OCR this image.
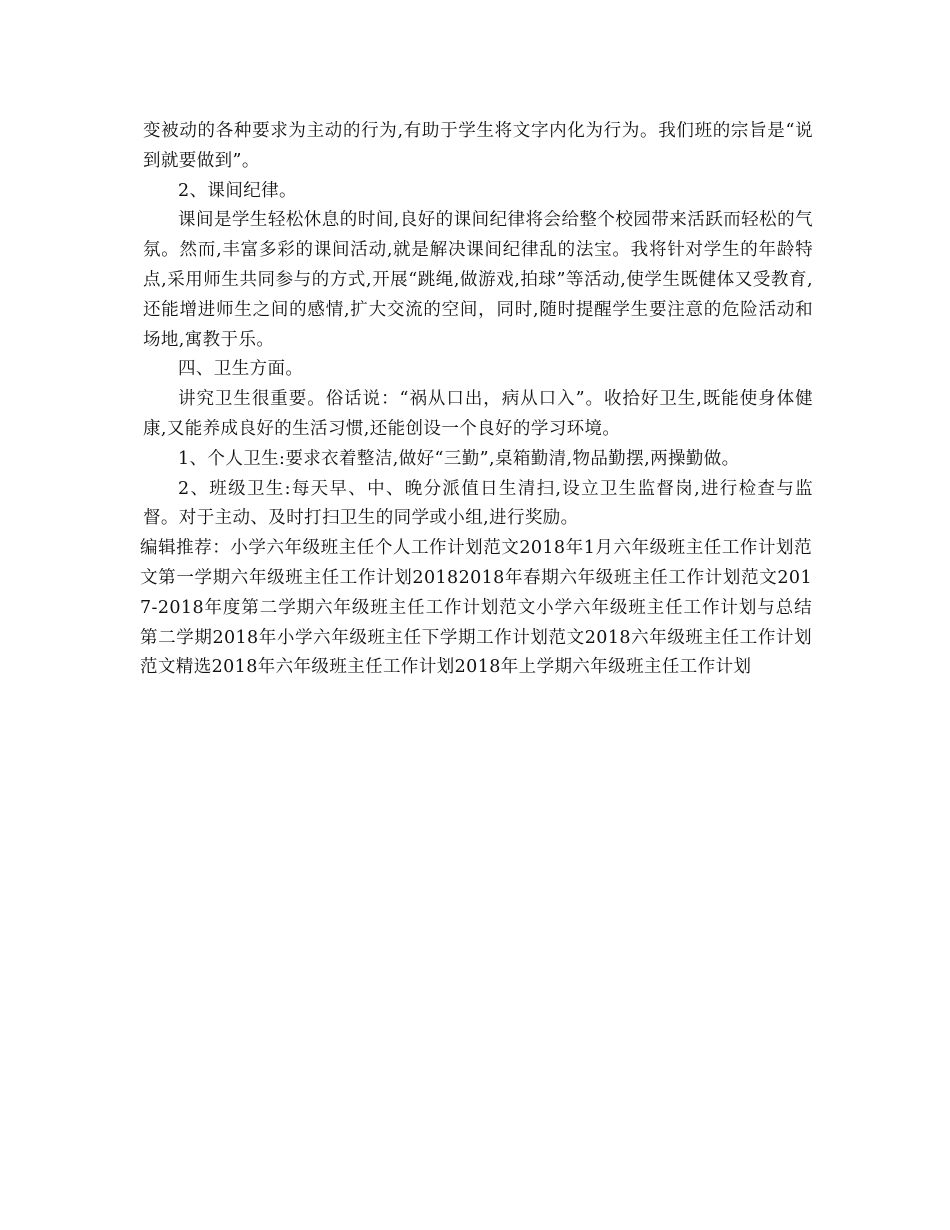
变被动的各种要求为主动的行为,有助于学生将文字内化为行为。我们班的宗旨是“说到就要做到”。

2、课间纪律。

课间是学生轻松休息的时间,良好的课间纪律将会给整个校园带来活跃而轻松的气氛。然而,丰富多彩的课间活动,就是解决课间纪律乱的法宝。我将针对学生的年龄特点,采用师生共同参与的方式,开展“跳绳,做游戏,拍球”等活动,使学生既健体又受教育,还能增进师生之间的感情,扩大交流的空间，同时,随时提醒学生要注意的危险活动和场地,寓教于乐。

四、卫生方面。

讲究卫生很重要。俗话说：“祸从口出，病从口入”。收拾好卫生,既能使身体健康,又能养成良好的生活习惯,还能创设一个良好的学习环境。

1、个人卫生:要求衣着整洁,做好“三勤”,桌箱勤清,物品勤摆,两操勤做。

2、班级卫生:每天早、中、晚分派值日生清扫,设立卫生监督岗,进行检查与监督。对于主动、及时打扫卫生的同学或小组,进行奖励。

编辑推荐：小学六年级班主任个人工作计划范文2018年1月六年级班主任工作计划范文第一学期六年级班主任工作计划20182018年春期六年级班主任工作计划范文2017-2018年度第二学期六年级班主任工作计划范文小学六年级班主任工作计划与总结第二学期2018年小学六年级班主任下学期工作计划范文2018六年级班主任工作计划范文精选2018年六年级班主任工作计划2018年上学期六年级班主任工作计划
